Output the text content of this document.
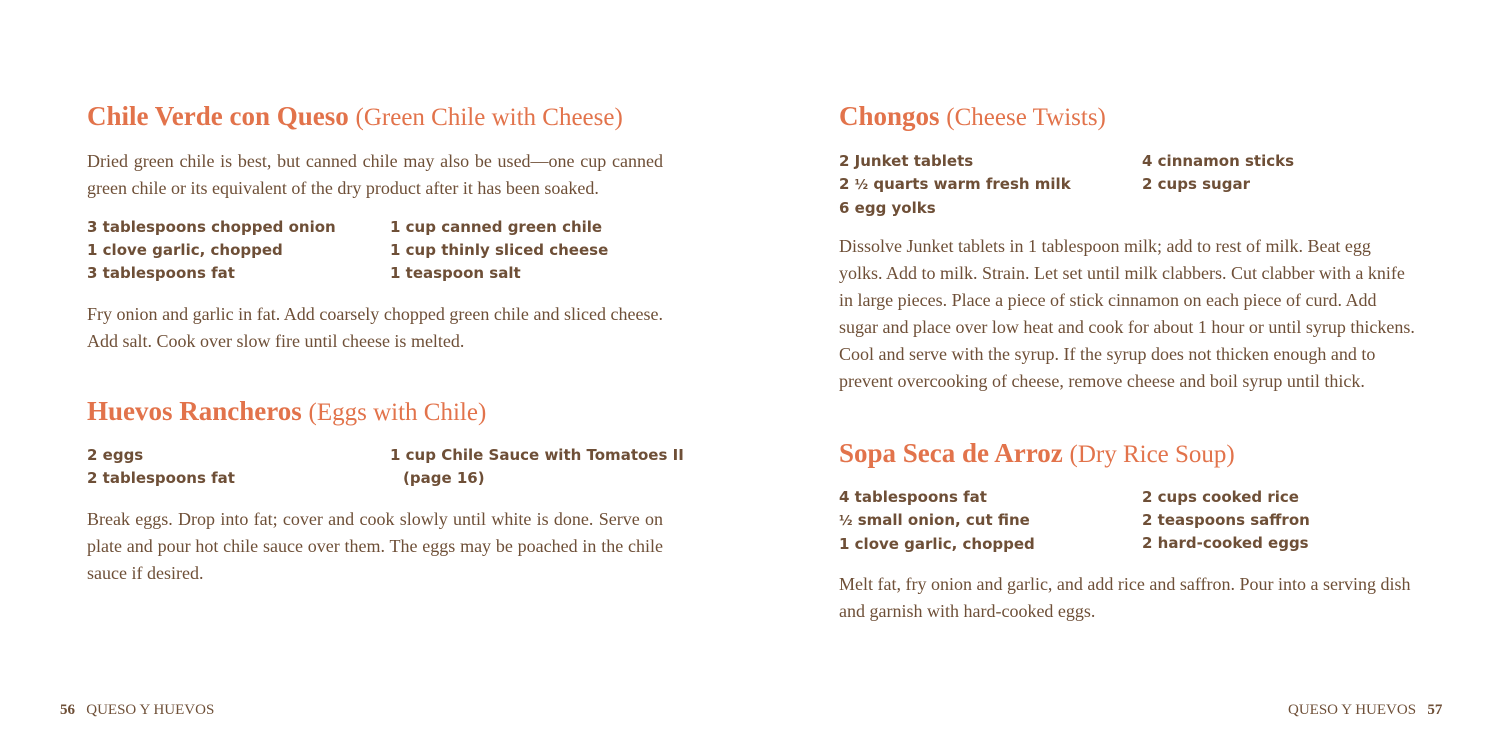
Chile Verde con Queso (Green Chile with Cheese)

Dried green chile is best, but canned chile may also be used—one cup canned green chile or its equivalent of the dry product after it has been soaked.

3 tablespoons chopped onion
1 clove garlic, chopped
3 tablespoons fat
1 cup canned green chile
1 cup thinly sliced cheese
1 teaspoon salt

Fry onion and garlic in fat. Add coarsely chopped green chile and sliced cheese. Add salt. Cook over slow fire until cheese is melted.

Huevos Rancheros (Eggs with Chile)
2 eggs
2 tablespoons fat
1 cup Chile Sauce with Tomatoes II
(page 16)

Break eggs. Drop into fat; cover and cook slowly until white is done. Serve on plate and pour hot chile sauce over them. The eggs may be poached in the chile sauce if desired.

56 QUESO Y HUEVOS
Chongos (Cheese Twists)
2 Junket tablets
2 ½ quarts warm fresh milk
6 egg yolks
4 cinnamon sticks
2 cups sugar

Dissolve Junket tablets in 1 tablespoon milk; add to rest of milk. Beat egg yolks. Add to milk. Strain. Let set until milk clabbers. Cut clabber with a knife in large pieces. Place a piece of stick cinnamon on each piece of curd. Add sugar and place over low heat and cook for about 1 hour or until syrup thickens. Cool and serve with the syrup. If the syrup does not thicken enough and to prevent overcooking of cheese, remove cheese and boil syrup until thick.

Sopa Seca de Arroz (Dry Rice Soup)
4 tablespoons fat
½ small onion, cut fine
1 clove garlic, chopped
2 cups cooked rice
2 teaspoons saffron
2 hard-cooked eggs

Melt fat, fry onion and garlic, and add rice and saffron. Pour into a serving dish and garnish with hard-cooked eggs.

QUESO Y HUEVOS 57
